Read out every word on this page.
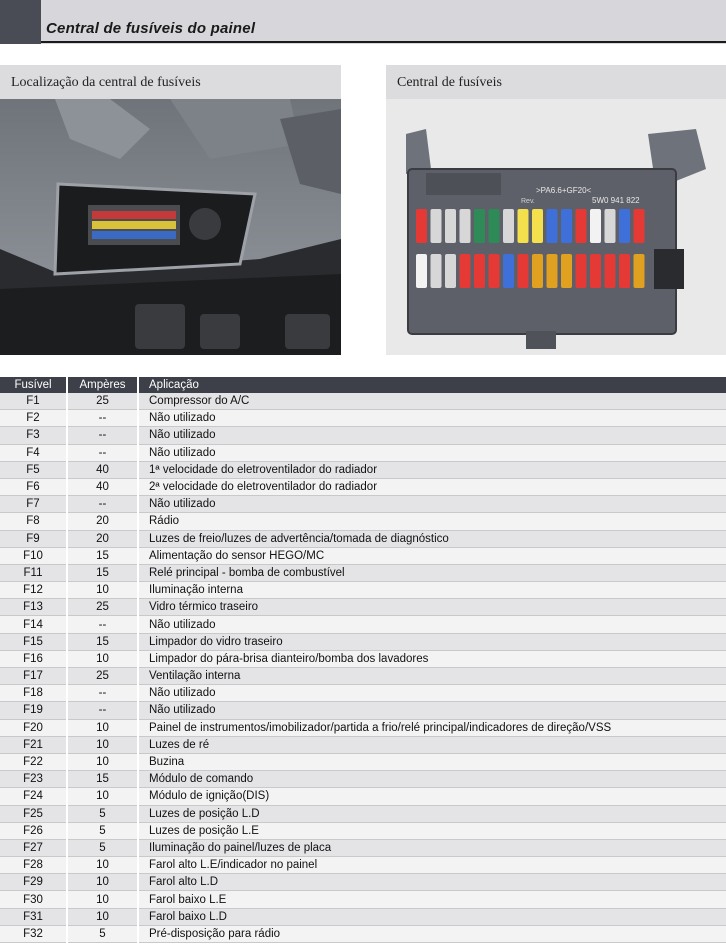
Central de fusíveis do painel
Localização da central de fusíveis	Central de fusíveis
>PA6.6+GF20<
Rev.	5W0 941 822
Fusível	Ampères	Aplicação
F1	25	Compressor do A/C
F2	--	Não utilizado
F3	--	Não utilizado
F4	--	Não utilizado
F5	40	1ª velocidade do eletroventilador do radiador
F6	40	2ª velocidade do eletroventilador do radiador
F7	--	Não utilizado
F8	20	Rádio
F9	20	Luzes de freio/luzes de advertência/tomada de diagnóstico
F10	15	Alimentação do sensor HEGO/MC
F11	15	Relé principal - bomba de combustível
F12	10	Iluminação interna
F13	25	Vidro térmico traseiro
F14	--	Não utilizado
F15	15	Limpador do vidro traseiro
F16	10	Limpador do pára-brisa dianteiro/bomba dos lavadores
F17	25	Ventilação interna
F18	--	Não utilizado
F19	--	Não utilizado
F20	10	Painel de instrumentos/imobilizador/partida a frio/relé principal/indicadores de direção/VSS
F21	10	Luzes de ré
F22	10	Buzina
F23	15	Módulo de comando
F24	10	Módulo de ignição(DIS)
F25	5	Luzes de posição L.D
F26	5	Luzes de posição L.E
F27	5	Iluminação do painel/luzes de placa
F28	10	Farol alto L.E/indicador no painel
F29	10	Farol alto L.D
F30	10	Farol baixo L.E
F31	10	Farol baixo L.D
F32	5	Pré-disposição para rádio
